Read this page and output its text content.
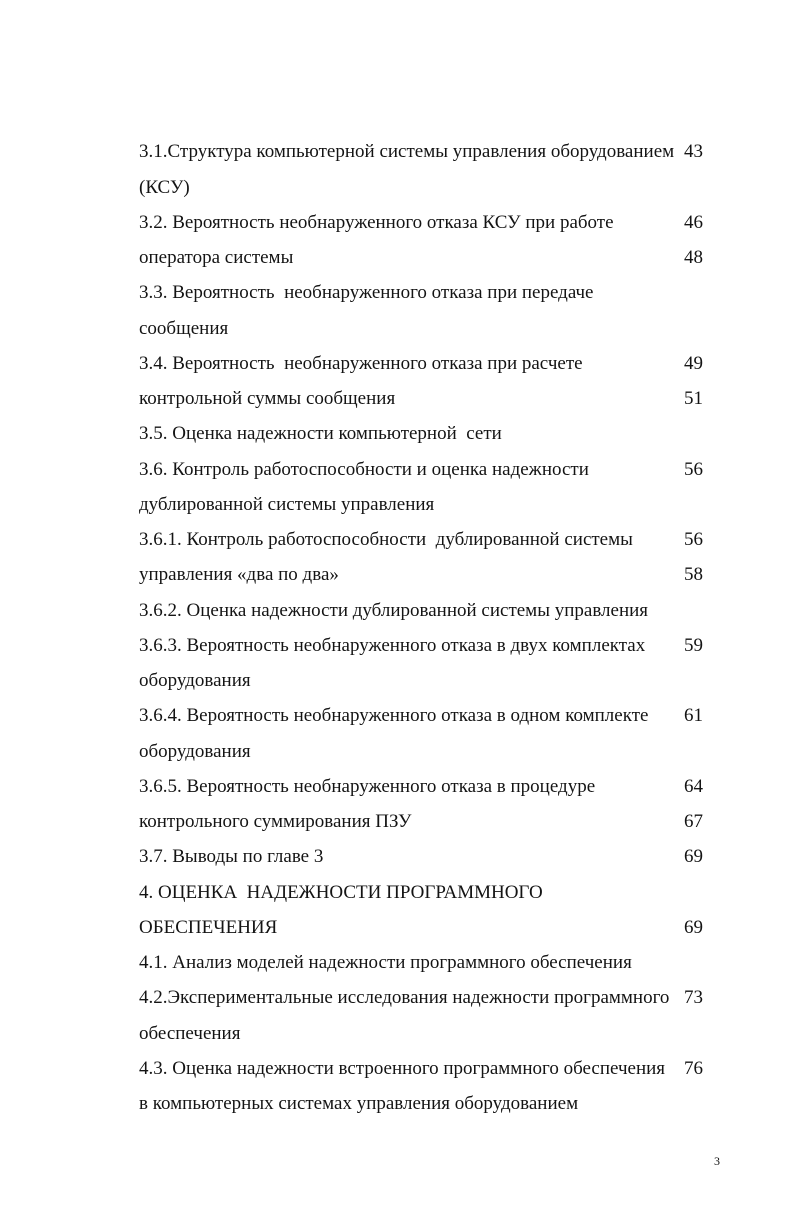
3.1.Структура компьютерной системы управления оборудованием

(КСУ)

43

3.2. Вероятность необнаруженного отказа КСУ при работе

оператора системы

46

3.3. Вероятность  необнаруженного отказа при передаче

48

сообщения

3.4. Вероятность  необнаруженного отказа при расчете

контрольной суммы сообщения

49

3.5. Оценка надежности компьютерной  сети

51

3.6. Контроль работоспособности и оценка надежности

дублированной системы управления

56

3.6.1. Контроль работоспособности  дублированной системы

управления «два по два»

56

3.6.2. Оценка надежности дублированной системы управления

58

3.6.3. Вероятность необнаруженного отказа в двух комплектах

оборудования

59

3.6.4. Вероятность необнаруженного отказа в одном комплекте

оборудования

61

3.6.5. Вероятность необнаруженного отказа в процедуре

контрольного суммирования ПЗУ

64

3.7. Выводы по главе 3

67

4. ОЦЕНКА  НАДЕЖНОСТИ ПРОГРАММНОГО

69

ОБЕСПЕЧЕНИЯ

4.1. Анализ моделей надежности программного обеспечения

69

4.2.Экспериментальные исследования надежности программного

обеспечения

73

4.3. Оценка надежности встроенного программного обеспечения

в компьютерных системах управления оборудованием

76

3
